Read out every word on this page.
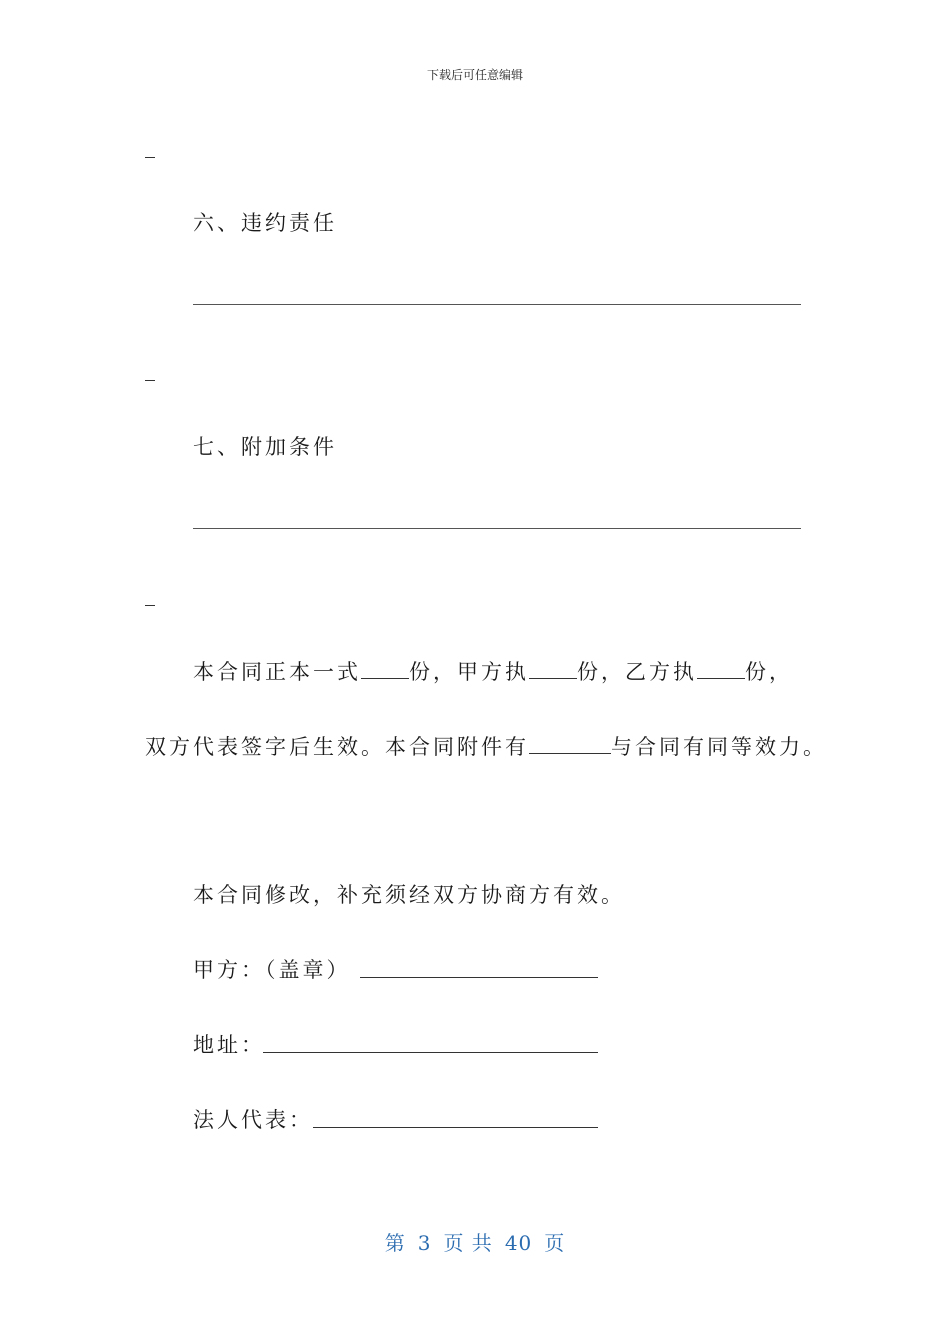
下载后可任意编辑
六、违约责任
七、附加条件
本合同正本一式 份，甲方执 份，乙方执 份，
双方代表签字后生效。本合同附件有	与合同有同等效力。
本合同修改，补充须经双方协商方有效。
甲方：（盖章）
地址：
法人代表：
第 3 页 共 40 页
